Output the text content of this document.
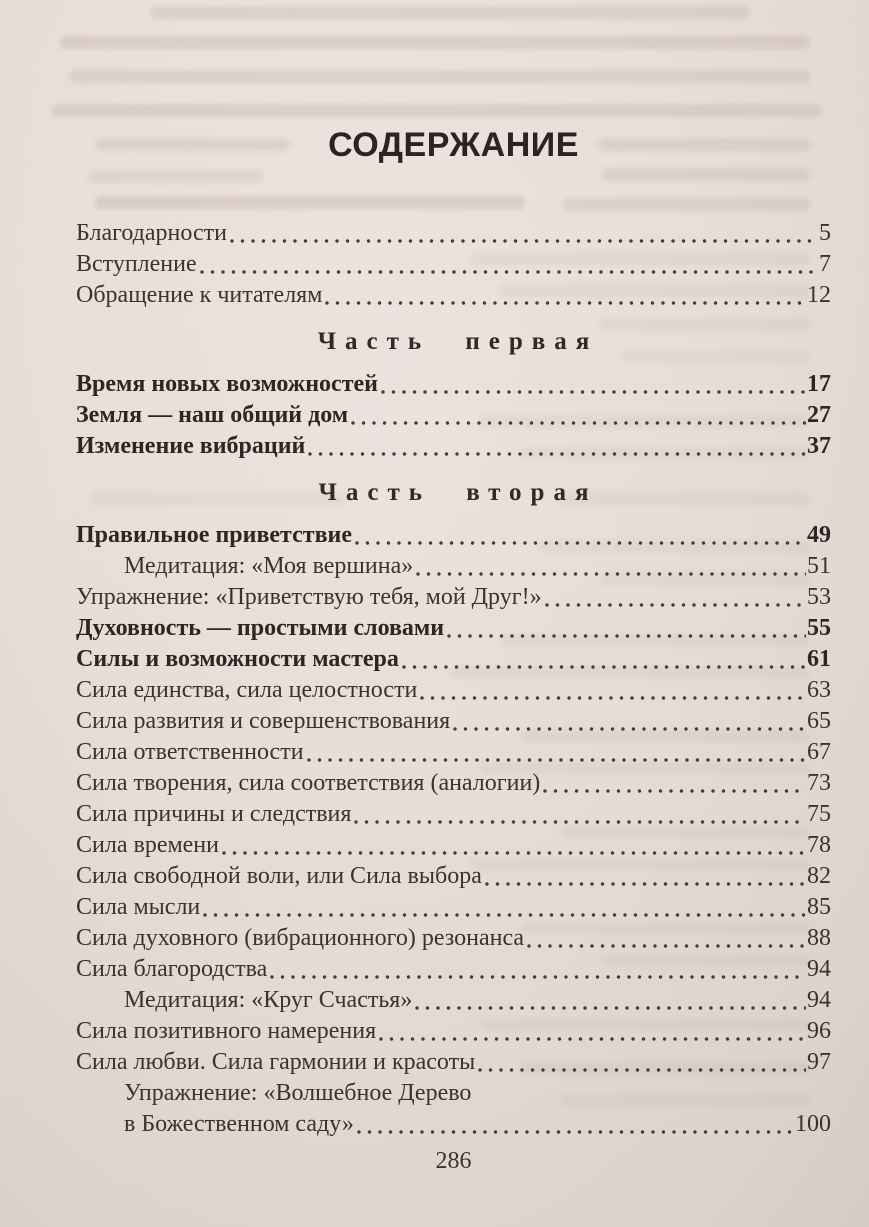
СОДЕРЖАНИЕ
Благодарности	5
Вступление	7
Обращение к читателям	12
Часть первая
Время новых возможностей	17
Земля — наш общий дом	27
Изменение вибраций	37
Часть вторая
Правильное приветствие	49
Медитация: «Моя вершина»	51
Упражнение: «Приветствую тебя, мой Друг!»	53
Духовность — простыми словами	55
Силы и возможности мастера	61
Сила единства, сила целостности	63
Сила развития и совершенствования	65
Сила ответственности	67
Сила творения, сила соответствия (аналогии)	73
Сила причины и следствия	75
Сила времени	78
Сила свободной воли, или Сила выбора	82
Сила мысли	85
Сила духовного (вибрационного) резонанса	88
Сила благородства	94
Медитация: «Круг Счастья»	94
Сила позитивного намерения	96
Сила любви. Сила гармонии и красоты	97
Упражнение: «Волшебное Дерево
в Божественном саду»	100
286
